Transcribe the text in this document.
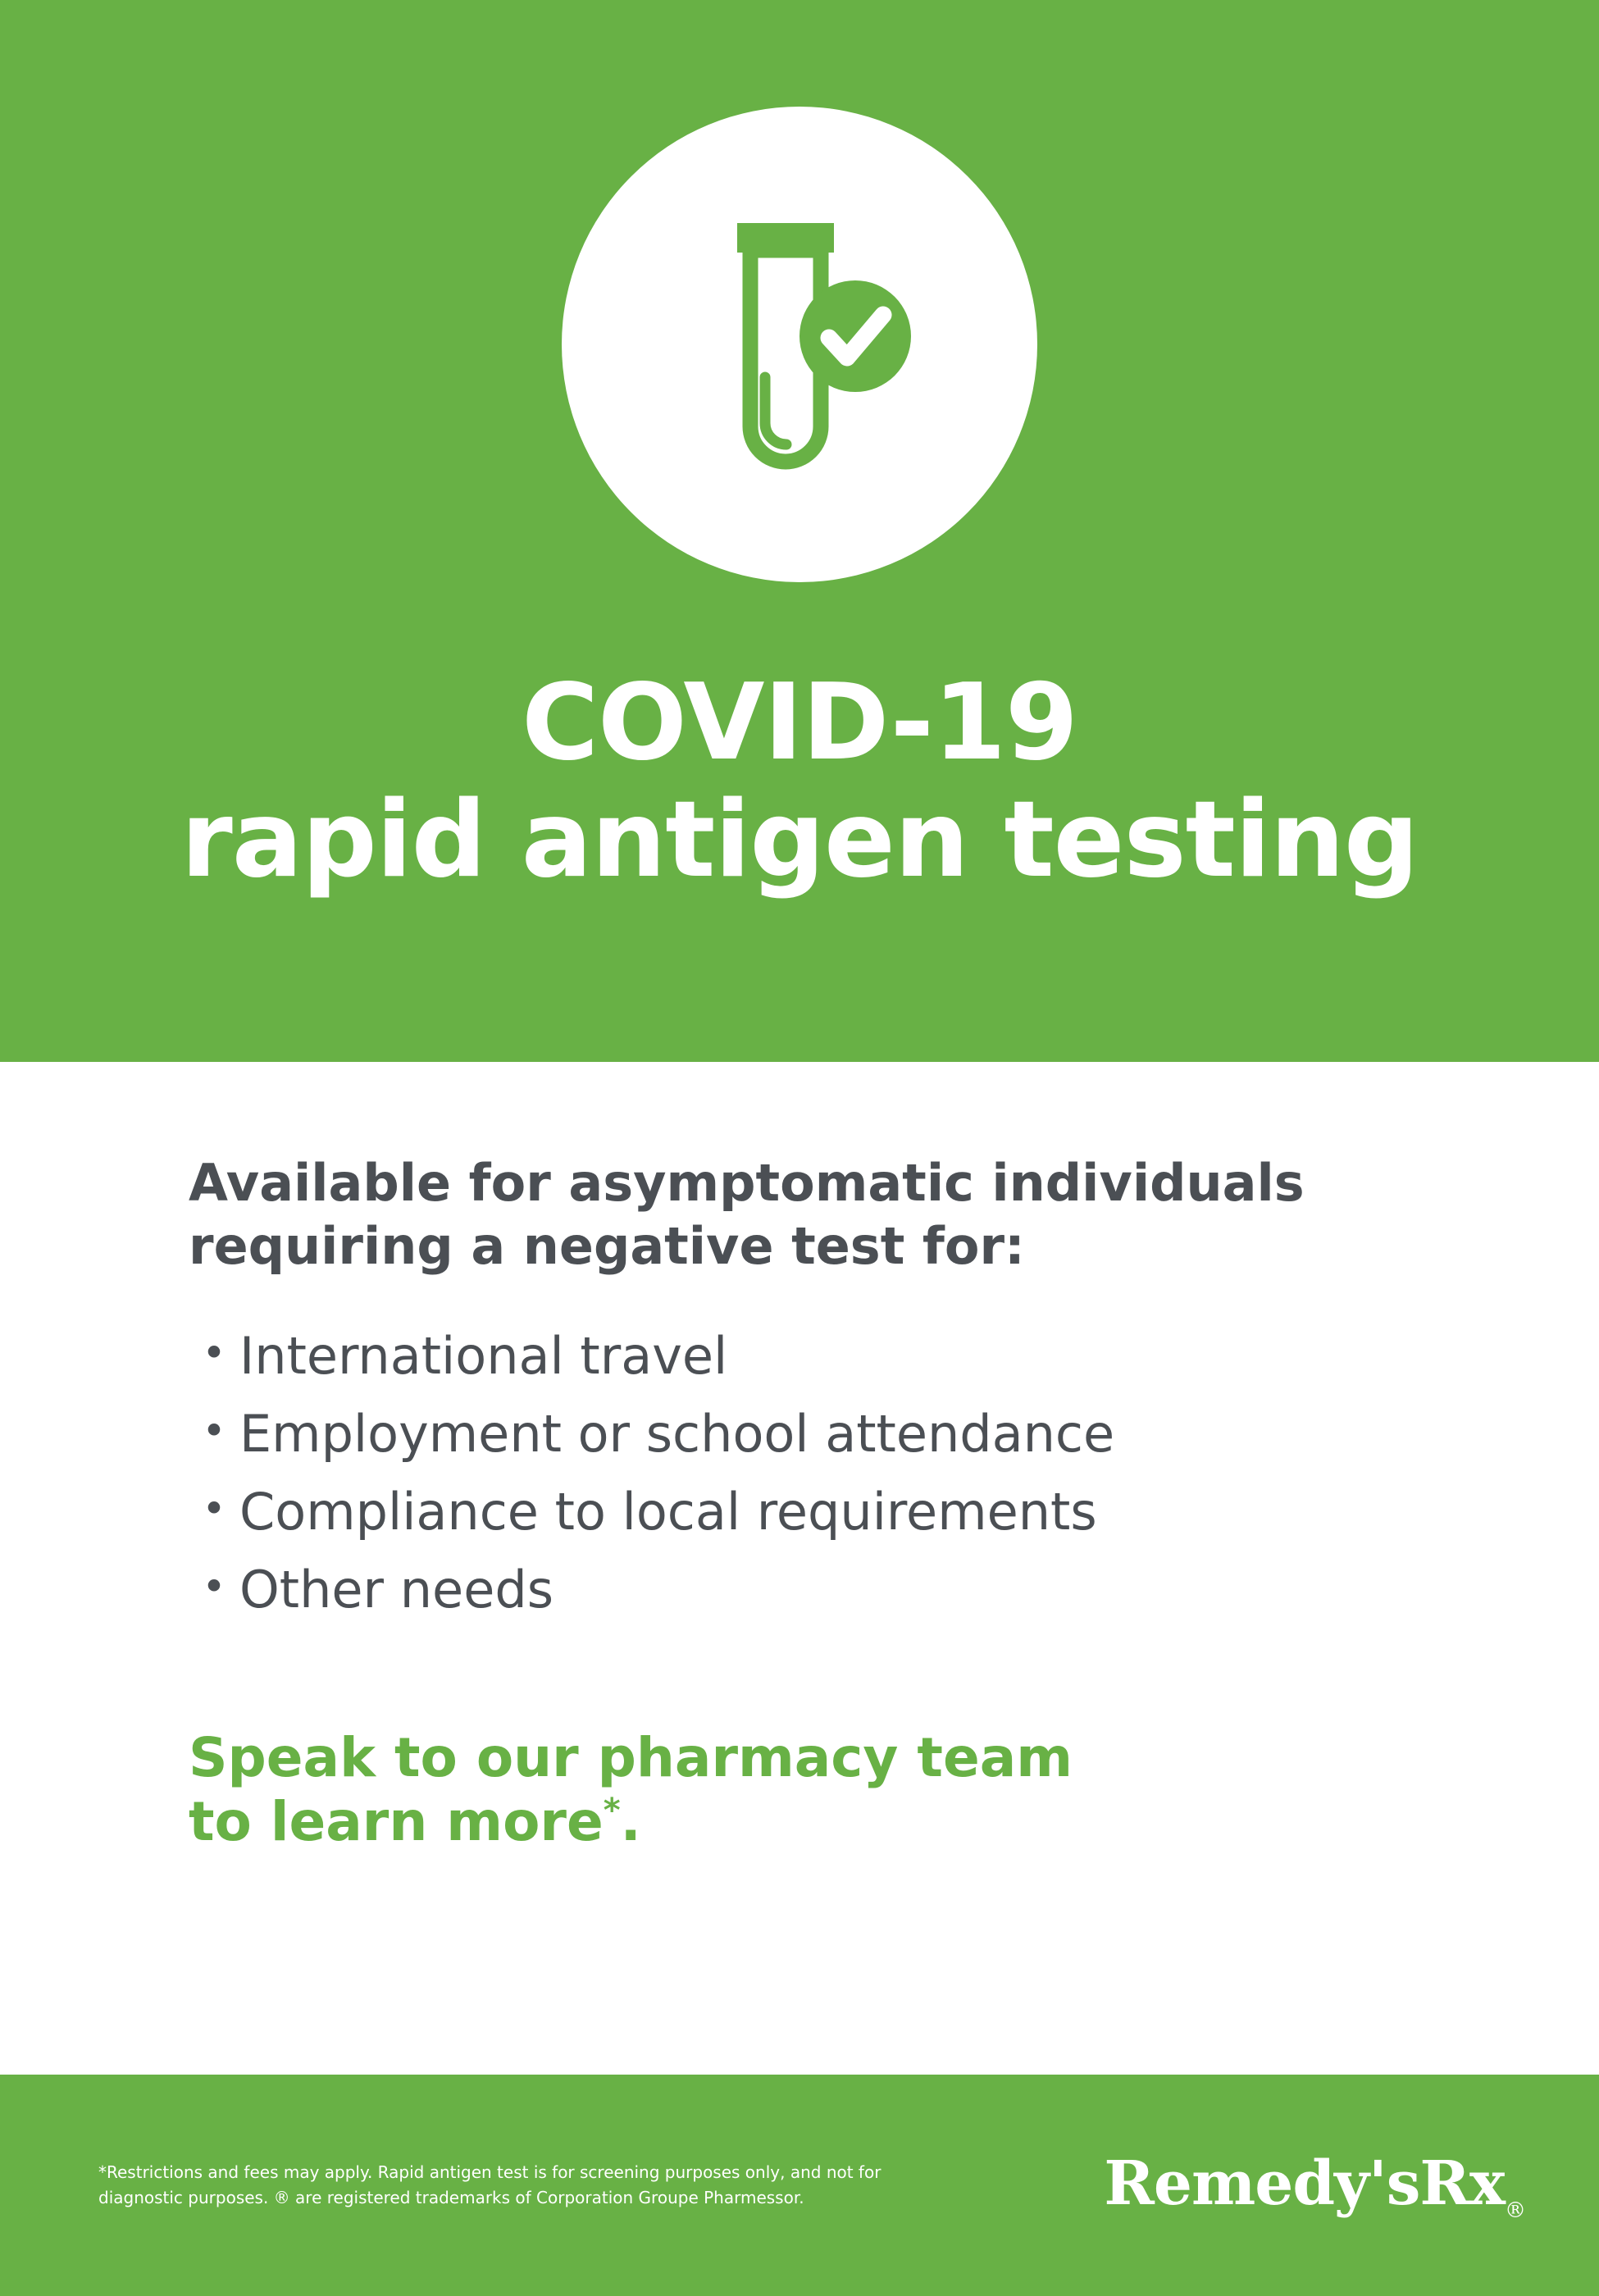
COVID-19
rapid antigen testing
Available for asymptomatic individuals requiring a negative test for:
• International travel
• Employment or school attendance
• Compliance to local requirements
• Other needs
Speak to our pharmacy team
to learn more*.
*Restrictions and fees may apply. Rapid antigen test is for screening purposes only, and not for diagnostic purposes. ® are registered trademarks of Corporation Groupe Pharmessor.	Remedy'sRx$_®$
